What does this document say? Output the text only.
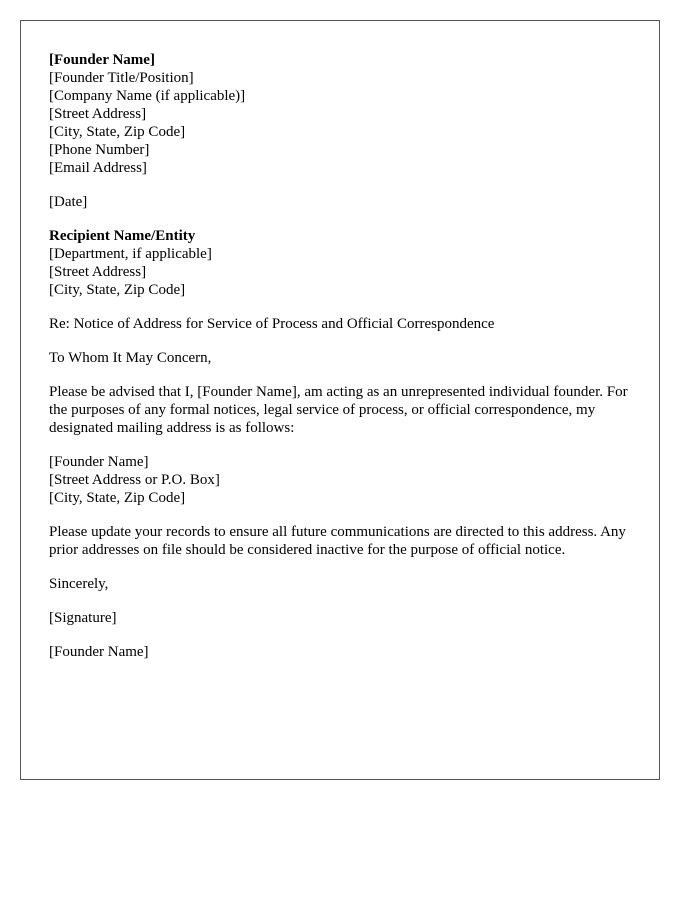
[Founder Name]
[Founder Title/Position]
[Company Name (if applicable)]
[Street Address]
[City, State, Zip Code]
[Phone Number]
[Email Address]
[Date]
Recipient Name/Entity
[Department, if applicable]
[Street Address]
[City, State, Zip Code]

Re: Notice of Address for Service of Process and Official Correspondence

To Whom It May Concern,

Please be advised that I, [Founder Name], am acting as an unrepresented individual founder. For the purposes of any formal notices, legal service of process, or official correspondence, my designated mailing address is as follows:

[Founder Name]
[Street Address or P.O. Box]
[City, State, Zip Code]

Please update your records to ensure all future communications are directed to this address. Any prior addresses on file should be considered inactive for the purpose of official notice.

Sincerely,

[Signature]

[Founder Name]
